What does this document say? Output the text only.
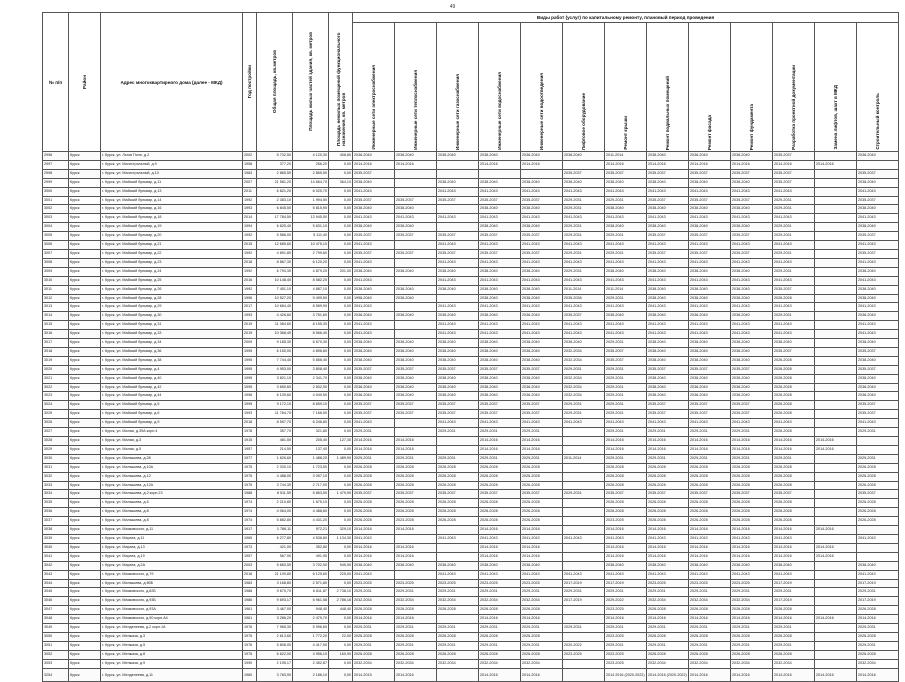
49
№ п/п	Район	Адрес многоквартирного дома (далее - МКД)	Год постройки	Общая площадь, кв.метров	Площадь жилых частей здания, кв. метров	Площадь нежилых помещений функционального назначения, кв. метров	Виды работ (услуг) по капитальному ремонту, плановый период проведения												
							Инженерные сети электроснабжения	Инженерные сети теплоснабжения	Инженерные сети газоснабжения	Инженерные сети водоснабжения	Инженерные сети водоотведения	Лифтовое оборудование	Ремонт крыши	Ремонт подвальных помещений	Ремонт фасада	Ремонт фундамента	Разработка проектной документации	Замена лифтов, шахт в МКД	Строительный контроль
2996	Курск	г. Курск, ул. Льгов Поле, д.2	2002	5 732,50	4 120,30	408,80	2038-2040	2038-2040	2038-2040	2038-2040	2038-2040	2038-2040	2011-2014	2038-2040	2038-2040	2038-2040	2035-2037		2038-2040
2997	Курск	г. Курск, ул. Магистральный, д.9	1958	377,20	266,20	0,00	2014-2016	2014-2016		2014-2016	2014-2016		2014-2016	2014-2016	2014-2016	2014-2016	2014-2016	2014-2016	
2998	Курск	г. Курск, ул. Магистральный, д.10	1983	2 865,50	2 865,50	0,00	2035-2037					2035-2037	2035-2037	2035-2037	2035-2037	2035-2037	2035-2037		2035-2037
2999	Курск	г. Курск, ул. Майский бульвар, д.11	2007	21 581,20	14 664,70	364,10	2038-2040		2038-2040	2038-2040	2038-2040	2038-2040	2038-2040	2038-2040	2038-2040	2038-2040	2035-2037		2038-2040
3000	Курск	г. Курск, ул. Майский бульвар, д.13	2011	6 821,20	6 020,70	0,00	2041-2043		2041-2043	2041-2043	2041-2043	2041-2043	2041-2043	2041-2043	2041-2043	2041-2043	2041-2043		2041-2043
3001	Курск	г. Курск, ул. Майский бульвар, д.14	1992	2 383,10	1 994,50	0,00	2035-2037	2035-2037	2035-2037	2035-2037	2035-2037	2029-2031	2029-2031	2035-2037	2035-2037	2035-2037	2029-2031		2035-2037
3002	Курск	г. Курск, ул. Майский бульвар, д.16	1993	6 845,50	5 815,90	0,00	2038-2040	2038-2040		2038-2040	2038-2040	2029-2031	2038-2040	2038-2040	2038-2040	2038-2040	2029-2031		2038-2040
3003	Курск	г. Курск, ул. Майский бульвар, д.18	2014	17 784,50	13 945,50	0,00	2041-2043	2041-2043	2041-2043	2041-2043	2041-2043	2041-2043	2041-2043	2041-2043	2041-2043	2041-2043	2041-2043		2041-2043
3004	Курск	г. Курск, ул. Майский бульвар, д.19	1994	6 625,40	5 631,10	0,00	2038-2040	2038-2040		2038-2040	2038-2040	2029-2031	2038-2040	2038-2040	2038-2040	2038-2040	2029-2031		2038-2040
3005	Курск	г. Курск, ул. Майский бульвар, д.20	1992	5 586,00	5 111,40	0,00	2035-2037	2035-2037	2035-2037	2035-2037	2035-2037	2029-2031	2029-2031	2035-2037	2035-2037	2035-2037	2029-2031		2035-2037
3006	Курск	г. Курск, ул. Майский бульвар, д.21	2015	12 685,60	10 475,10	0,00	2041-2043		2041-2043	2041-2043	2041-2043	2041-2043	2041-2043	2041-2043	2041-2043	2041-2043	2041-2043		2041-2043
3007	Курск	г. Курск, ул. Майский бульвар, д.22	1992	4 891,80	2 799,60	0,00	2035-2037	2035-2037	2035-2037	2035-2037	2035-2037	2029-2031	2029-2031	2035-2037	2035-2037	2035-2037	2029-2031		2035-2037
3008	Курск	г. Курск, ул. Майский бульвар, д.23	2018	8 867,30	6 120,20	0,00	2041-2043		2041-2043	2041-2043	2041-2043	2041-2043	2041-2043	2041-2043	2041-2043	2041-2043	2041-2043		2041-2043
3009	Курск	г. Курск, ул. Майский бульвар, д.24	1992	6 793,30	4 879,20	201,00	2038-2040	2038-2040	2038-2040	2038-2040	2038-2040	2029-2031	2038-2040	2038-2040	2038-2040	2038-2040	2029-2031		2038-2040
3010	Курск	г. Курск, ул. Майский бульвар, д.25	2016	10 148,40	8 582,20	0,00	2041-2043		2041-2043	2041-2043	2041-2043	2041-2043	2041-2043	2041-2043	2041-2043	2041-2043	2041-2043		2041-2043
3011	Курск	г. Курск, ул. Майский бульвар, д.26	1992	7 451,10	4 887,10	0,00	2038-2040	2038-2040	2038-2040	2038-2040	2038-2040	2011-2014	2011-2014	2038-2040	2038-2040	2038-2040	2035-2037		2038-2040
3012	Курск	г. Курск, ул. Майский бульвар, д.28	1996	10 527,20	9 499,50	0,00	1998-2040	2038-2040		2038-2040	2038-2040	2035-2036	2029-2031	2038-2040	2038-2040	2038-2040	2026-2028		2038-2040
3013	Курск	г. Курск, ул. Майский бульвар, д.29	2017	10 684,40	8 589,90	0,00	2041-2043		2041-2043	2041-2043	2041-2043	2041-2043	2041-2043	2041-2043	2041-2043	2041-2043	2041-2043		2041-2043
3014	Курск	г. Курск, ул. Майский бульвар, д.30	1993	4 426,60	3 751,60	0,00	2038-2040	2038-2040	2038-2040	2038-2040	2038-2040	2035-2037	2038-2040	2038-2040	2038-2040	2038-2040	2029-2031		2038-2040
3015	Курск	г. Курск, ул. Майский бульвар, д.31	2019	11 084,60	8 155,30	0,00	2041-2043		2041-2043	2041-2043	2041-2043	2041-2043	2041-2043	2041-2043	2041-2043	2041-2043	2041-2043		2041-2043
3016	Курск	г. Курск, ул. Майский бульвар, д.33	2019	10 368,40	8 566,40	0,00	2041-2043		2041-2043	2041-2043	2041-2043	2041-2043	2041-2043	2041-2043	2041-2043	2041-2043	2041-2043		2041-2043
3017	Курск	г. Курск, ул. Майский бульвар, д.34	2009	9 185,30	6 670,30	0,00	2038-2040	2038-2040	2038-2040	2038-2040	2038-2040	2038-2040	2029-2031	2038-2040	2038-2040	2038-2040	2038-2040		2038-2040
3018	Курск	г. Курск, ул. Майский бульвар, д.36	1995	6 150,00	4 896,60	0,00	2038-2040	2038-2040	2038-2040	2038-2040	2038-2040	2032-2034	2035-2037	2038-2040	2038-2040	2038-2040	2035-2037		2035-2037
3019	Курск	г. Курск, ул. Майский бульвар, д.38	1995	7 744,40	5 856,40	0,00	2038-2040	2038-2040	2038-2040	2038-2040	2038-2040	2032-2034	2035-2037	2038-2040	2038-2040	2038-2040	2026-2028		2038-2040
3020	Курск	г. Курск, ул. Майский бульвар, д.4	1995	4 953,00	3 808,40	0,00	2035-2037	2035-2037	2035-2037	2035-2037	2035-2037	2029-2031	2029-2031	2035-2037	2035-2037	2035-2037	2026-2028		2035-2037
3021	Курск	г. Курск, ул. Майский бульвар, д.40	1995	3 821,10	2 341,70	0,00	2038-2040	2038-2040	2038-2040	2038-2040	2038-2040	2032-2034	2029-2031	2038-2040	2038-2040	2038-2040	2026-2028		2038-2040
3022	Курск	г. Курск, ул. Майский бульвар, д.42	1995	3 650,60	2 832,00	0,00	2038-2040	2038-2040	2038-2040	2038-2040	2038-2040	2032-2034	2029-2031	2038-2040	2038-2040	2038-2040	2026-2028		2038-2040
3023	Курск	г. Курск, ул. Майский бульвар, д.44	1996	6 139,60	4 040,50	0,00	2038-2040	2038-2040	2038-2040	2038-2040	2038-2040	2032-2034	2029-2031	2038-2040	2038-2040	2038-2040	2026-2028		2038-2040
3024	Курск	г. Курск, ул. Майский бульвар, д.5	1995	9 172,10	8 659,10	0,00	2035-2037	2035-2037	2035-2037	2035-2037	2035-2037	2029-2031	2029-2031	2035-2037	2035-2037	2035-2037	2026-2028		2035-2037
3025	Курск	г. Курск, ул. Майский бульвар, д.6	1993	11 784,70	7 168,00	0,00	2035-2037	2035-2037	2035-2037	2035-2037	2035-2037	2029-2031	2029-2031	2035-2037	2035-2037	2035-2037	2026-2028		2035-2037
3026	Курск	г. Курск, ул. Майский бульвар, д.9	2018	8 597,70	6 246,80	0,00	2041-2043		2041-2043	2041-2043	2041-2043	2041-2043	2041-2043	2041-2043	2041-2043	2041-2043	2041-2043		2041-2043
3027	Курск	г. Курск, ул. Малая, д.39А корп.4	1978	357,70	321,80	0,00	2029-2031		2029-2031	2029-2031	2029-2031		2029-2031	2029-2031	2029-2031	2029-2031	2026-2028		2029-2031
3028	Курск	г. Курск, ул. Малая, д.3	1915	481,50	205,40	127,30	2014-2016	2014-2016		2014-2016	2014-2016		2014-2016	2014-2016	2014-2016	2014-2016	2014-2016	2014-2016	
3029	Курск	г. Курск, ул. Малая, д.5	1957	214,50	137,40	0,00	2014-2016	2014-2016		2014-2016	2014-2016		2014-2016	2014-2016	2014-2016	2014-2016	2014-2016	2014-2016	
3030	Курск	г. Курск, ул. Малышева, д.28	1977	1 626,60	1 488,20	1 489,90	2029-2031	2029-2031	2029-2031	2029-2031	2029-2031	2011-2014	2029-2031	2029-2031	2029-2031	2029-2031	2029-2031		2029-2031
3031	Курск	г. Курск, ул. Малышева, д.10А	1975	2 330,10	1 723,50	0,00	2026-2028	2026-2028	2026-2028	2026-2028	2026-2028		2026-2028	2026-2028	2026-2028	2026-2028	2026-2028		2026-2028
3032	Курск	г. Курск, ул. Малышева, д.12	1975	4 488,00	3 057,10	0,00	2026-2028	2026-2028	2026-2028	2026-2028	2026-2028		2026-2028	2026-2028	2026-2028	2026-2028	2026-2028		2026-2028
3033	Курск	г. Курск, ул. Малышева, д.12А	1975	3 744,30	2 717,00	0,00	2026-2028	2026-2028	2026-2028	2026-2028	2026-2028		2026-2028	2026-2028	2026-2028	2026-2028	2026-2028		2026-2028
3034	Курск	г. Курск, ул. Малышева, д.2 корп.23	1988	8 511,50	5 863,50	1 479,90	2035-2037	2035-2037	2035-2037	2035-2037	2035-2037	2029-2031	2035-2037	2035-2037	2035-2037	2035-2037	2035-2037		2035-2037
3035	Курск	г. Курск, ул. Малышева, д.6	1974	2 210,80	1 675,10	0,00	2026-2028	2026-2028	2026-2028	2026-2028	2026-2028		2026-2028	2026-2028	2026-2028	2026-2028	2026-2028		2026-2028
3036	Курск	г. Курск, ул. Малышева, д.8	1974	4 064,00	4 488,60	0,00	2026-2028	2026-2028	2026-2028	2026-2028	2026-2028		2026-2028	2026-2028	2026-2028	2026-2028	2026-2028		2026-2028
3037	Курск	г. Курск, ул. Малышева, д.8	1974	5 882,80	4 431,20	0,00	2026-2028	2023-2028	2026-2028	2026-2028	2026-2028		2023-2025	2026-2028	2026-2028	2026-2028	2026-2028		2026-2028
3038	Курск	г. Курск, ул. Маяковского, д.11	1917	1 786,11	972,21	329,10	2014-2016	2014-2016		2014-2016	2014-2016		2014-2016	2014-2016	2014-2016	2014-2016	2014-2016	2014-2016	
3039	Курск	г. Курск, ул. Марата, д.11	1965	6 277,80	4 536,80	1 134,30	2041-2043		2041-2043	2041-2043	2041-2043	2041-2043	2041-2043	2041-2043	2041-2043	2041-2043	2041-2043		2041-2043
3040	Курск	г. Курск, ул. Марата, д.13	1973	421,00	352,80	0,00	2014-2016	2014-2016		2014-2016	2014-2016		2014-2016	2014-2016	2014-2016	2014-2016	2014-2016	2014-2016	
3041	Курск	г. Курск, ул. Марата, д.19	1957	567,90	491,90	0,00	2014-2016	2014-2016		2014-2016	2014-2016		2014-2016	2014-2016	2014-2016	2014-2016	2014-2016	2014-2016	
3042	Курск	г. Курск, ул. Марата, д.2А	2003	5 683,50	3 702,00	945,90	2038-2040	2038-2040	2038-2040	2038-2040	2038-2040		2038-2040	2038-2040	2038-2040	2038-2040	2038-2040		2038-2040
3043	Курск	г. Курск, ул. Маяковского, д.79	2016	21 109,80	6 125,60	225,00	2041-2043		2041-2043	2041-2043	2041-2043	2041-2043	2041-2043	2041-2043	2041-2043	2041-2043	2041-2043		2041-2043
3044	Курск	г. Курск, ул. Малышева, д.80Б	1983	3 168,80	2 571,80	0,00	2023-2025	2023-2025	2023-2025	2023-2025	2023-2025	2017-2019	2017-2019	2023-2025	2023-2025	2023-2025	2017-2019		2017-2019
3045	Курск	г. Курск, ул. Маяковского, д.82Б	1988	9 670,70	6 811,87	2 738,10	2029-2031	2029-2031	2029-2031	2029-2031	2029-2031	2029-2031	2029-2031	2029-2031	2029-2031	2029-2031	2029-2031		2029-2031
3046	Курск	г. Курск, ул. Маяковского, д.93Б	1986	9 693,17	6 961,58	2 786,18	2032-2034	2032-2034	2032-2034	2032-2034	2032-2034	2017-2019	2029-2022	2032-2034	2032-2034	2032-2034	2017-2019		2017-2019
3047	Курск	г. Курск, ул. Маяковского, д.93А	1961	3 467,00	948,40	448,40	2026-2028	2026-2028	2026-2028	2026-2028	2026-2028		2023-2025	2026-2028	2026-2028	2026-2028	2026-2028		2026-2028
3048	Курск	г. Курск, ул. Маяковского, д.90 корп.А4	1961	3 286,20	2 479,70	0,00	2014-2016	2014-2016		2014-2016	2014-2016		2014-2016	2014-2016	2014-2016	2014-2016	2014-2016	2014-2016	2014-2016
3049	Курск	г. Курск, ул. Менделеева, д.2 корп.1А	1976	7 965,30	5 996,60	0,00	2029-2031	2029-2031	2029-2031	2029-2031	2029-2031	2029-2031	2029-2031	2029-2031	2029-2031	2029-2031	2029-2031		2029-2031
3050	Курск	г. Курск, ул. Менжаза, д.3	1975	2 613,60	1 772,20	22,00	2026-2028	2026-2028	2026-2028	2026-2028	2026-2028		2023-2025	2026-2028	2026-2028	2026-2028	2026-2028		2026-2028
3051	Курск	г. Курск, ул. Менжаза, д.5	1976	5 808,00	4 417,50	0,00	2029-2031	2029-2031	2029-2031	2029-2031	2029-2031	2020-2022	2029-2031	2029-2031	2029-2031	2029-2031	2029-2031		2029-2031
3052	Курск	г. Курск, ул. Менжаза, д.8	1975	6 622,00	4 956,10	160,90	2026-2028	2026-2028	2026-2028	2026-2028	2026-2028	2023-2025	2023-2025	2026-2028	2026-2028	2026-2028	2026-2028		2026-2028
3053	Курск	г. Курск, ул. Менжаза, д.9	1990	2 195,17	2 452,87	0,00	2032-2034	2032-2034	2032-2034	2032-2034	2032-2034		2023-2025	2032-2034	2032-2034	2032-2034	2032-2034		2032-2034
3254	Курск	г. Курск, ул. Менделеева, д.11	1960	3 783,90	2 186,10	0,00	2014-2015	2014-2016		2014-2016	2014-2016		2014 2016 (2020-2022)	2014-2016 (2020-2022)	2014-2016	2014-2016	2014-2016	2014-2016	2014-2016
